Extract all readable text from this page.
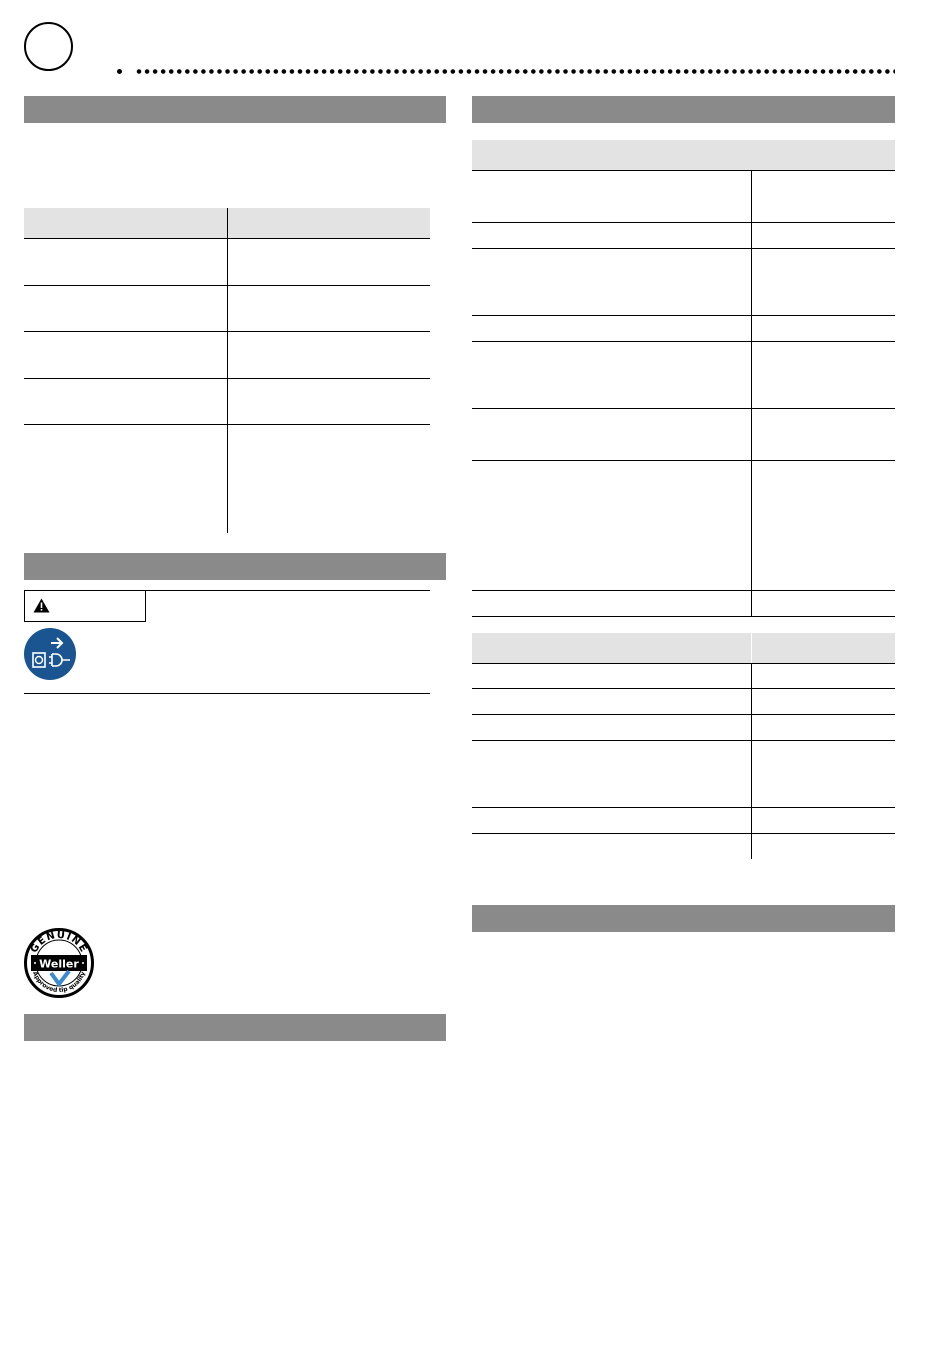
GENUINE
Weller
Approved tip quality
